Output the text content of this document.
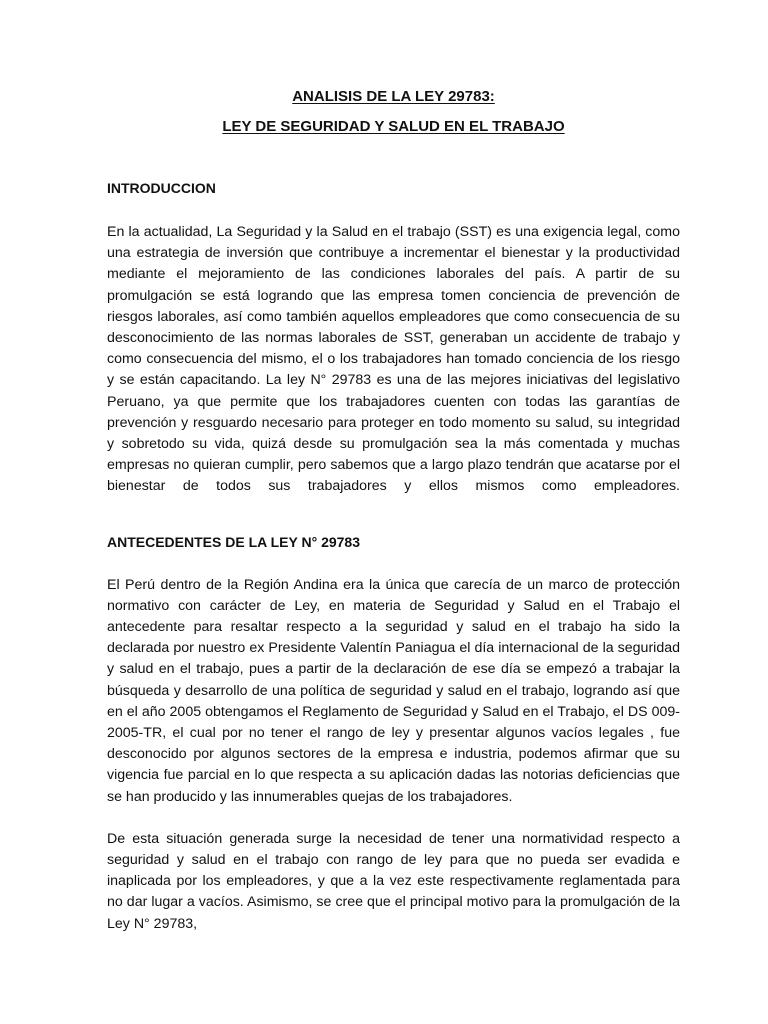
ANALISIS DE LA LEY 29783:
LEY DE SEGURIDAD Y SALUD EN EL TRABAJO
INTRODUCCION

En la actualidad, La Seguridad y la Salud en el trabajo (SST) es una exigencia legal, como una estrategia de inversión que contribuye a incrementar el bienestar y la productividad mediante el mejoramiento de las condiciones laborales del país. A partir de su promulgación se está logrando que las empresa tomen conciencia de prevención de riesgos laborales, así como también aquellos empleadores que como consecuencia de su desconocimiento de las normas laborales de SST, generaban un accidente de trabajo y como consecuencia del mismo, el o los trabajadores han tomado conciencia de los riesgo y se están capacitando. La ley N° 29783 es una de las mejores iniciativas del legislativo Peruano, ya que permite que los trabajadores cuenten con todas las garantías de prevención y resguardo necesario para proteger en todo momento su salud, su integridad y sobretodo su vida, quizá desde su promulgación sea la más comentada y muchas empresas no quieran cumplir, pero sabemos que a largo plazo tendrán que acatarse por el bienestar de todos sus trabajadores y ellos mismos como empleadores.

ANTECEDENTES DE LA LEY N° 29783

El Perú dentro de la Región Andina era la única que carecía de un marco de protección normativo con carácter de Ley, en materia de Seguridad y Salud en el Trabajo el antecedente para resaltar respecto a la seguridad y salud en el trabajo ha sido la declarada por nuestro ex Presidente Valentín Paniagua el día internacional de la seguridad y salud en el trabajo, pues a partir de la declaración de ese día se empezó a trabajar la búsqueda y desarrollo de una política de seguridad y salud en el trabajo, logrando así que en el año 2005 obtengamos el Reglamento de Seguridad y Salud en el Trabajo, el DS 009-2005-TR, el cual por no tener el rango de ley y presentar algunos vacíos legales , fue desconocido por algunos sectores de la empresa e industria, podemos afirmar que su vigencia fue parcial en lo que respecta a su aplicación dadas las notorias deficiencias que se han producido y las innumerables quejas de los trabajadores.

De esta situación generada surge la necesidad de tener una normatividad respecto a seguridad y salud en el trabajo con rango de ley para que no pueda ser evadida e inaplicada por los empleadores, y que a la vez este respectivamente reglamentada para no dar lugar a vacíos. Asimismo, se cree que el principal motivo para la promulgación de la Ley N° 29783,
